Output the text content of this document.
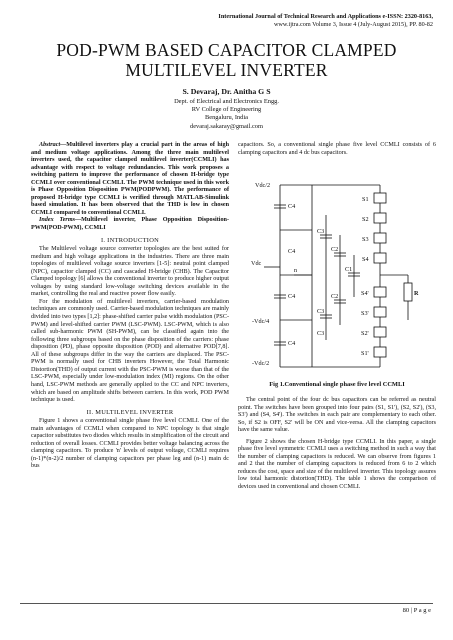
International Journal of Technical Research and Applications e-ISSN: 2320-8163,
www.ijtra.com Volume 3, Issue 4 (July-August 2015), PP. 80-82
POD-PWM BASED CAPACITOR CLAMPED
MULTILEVEL INVERTER
S. Devaraj, Dr. Anitha G S
Dept. of Electrical and Electronics Engg.
RV College of Engineering
Bengaluru, India
devaraj.sakaray@gmail.com

Abstract—Multilevel inverters play a crucial part in the areas of high and medium voltage applications. Among the three main multilevel inverters used, the capacitor clamped multilevel inverter(CCMLI) has advantage with respect to voltage redundancies. This work proposes a switching pattern to improve the performance of chosen H-bridge type CCMLI over conventional CCMLI. The PWM technique used in this work is Phase Opposition Disposition PWM(PODPWM). The performance of proposed H-bridge type CCMLI is verified through MATLAB-Simulink based simulation. It has been observed that the THD is low in chosen CCMLI compared to conventional CCMLI.

Index Terms—Multilevel inverter, Phase Opposition Disposition- PWM(POD-PWM), CCMLI

I. INTRODUCTION

The Multilevel voltage source converter topologies are the best suited for medium and high voltage applications in the industries. There are three main topologies of multilevel voltage source inverters [1-5]: neutral point clamped (NPC), capacitor clamped (CC) and cascaded H-bridge (CHB). The Capacitor Clamped topology [6] allows the conventional inverter to produce higher output voltages by using standard low-voltage switching devices available in the market, controlling the real and reactive power flow easily.

For the modulation of multilevel inverters, carrier-based modulation techniques are commonly used. Carrier-based modulation techniques are mainly divided into two types [1,2]: phase-shifted carrier pulse width modulation (PSC-PWM) and level-shifted carrier PWM (LSC-PWM). LSC-PWM, which is also called sub-harmonic PWM (SH-PWM), can be classified again into the following three subgroups based on the phase disposition of the carriers: phase disposition (PD), phase opposite disposition (POD) and alternative POD[7,8]. All of these subgroups differ in the way the carriers are displaced. The PSC-PWM is normally used for CHB inverters However, the Total Harmonic Distortion(THD) of output current with the PSC-PWM is worse than that of the LSC-PWM, especially under low-modulation index (MI) regions. On the other hand, LSC-PWM methods are generally applied to the CC and NPC inverters, which are based on amplitude shifts between carriers. In this work, POD PWM technique is used.

II. MULTILEVEL INVERTER

Figure 1 shows a conventional single phase five level CCMLI. One of the main advantages of CCMLI when compared to NPC topology is that single capacitor substitutes two diodes which results in simplification of the circuit and reduction of overall losses. CCMLI provides better voltage balancing across the clamping capacitors. To produce 'n' levels of output voltage, CCMLI requires (n-1)*(n-2)/2 number of clamping capacitors per phase leg and (n-1) main dc bus

capacitors. So, a conventional single phase five level CCMLI consists of 6 clamping capacitors and 4 dc bus capacitors.

Vdc/2
C4
Vdc
C4
-Vdc/4
C4
-Vdc/2
C4
C3
C2
C1
C2
C3
C3
S1
S2
S3
S4
S4'
S3'
S2'
S1'
R
n
Fig 1.Conventional single phase five level CCMLI

The central point of the four dc bus capacitors can be referred as neutral point. The switches have been grouped into four pairs (S1, S1'), (S2, S2'), (S3, S3') and (S4, S4'). The switches in each pair are complementary to each other. So, if S2 is OFF, S2' will be ON and vice-versa. All the clamping capacitors have the same value.

Figure 2 shows the chosen H-bridge type CCMLI. In this paper, a single phase five level symmetric CCMLI uses a switching method in such a way that the number of clamping capacitors is reduced. We can observe from figures 1 and 2 that the number of clamping capacitors is reduced from 6 to 2 which reduces the cost, space and size of the multilevel inverter. This topology assures low total harmonic distortion(THD). The table 1 shows the comparison of devices used in conventional and chosen CCMLI.

80 | P a g e
